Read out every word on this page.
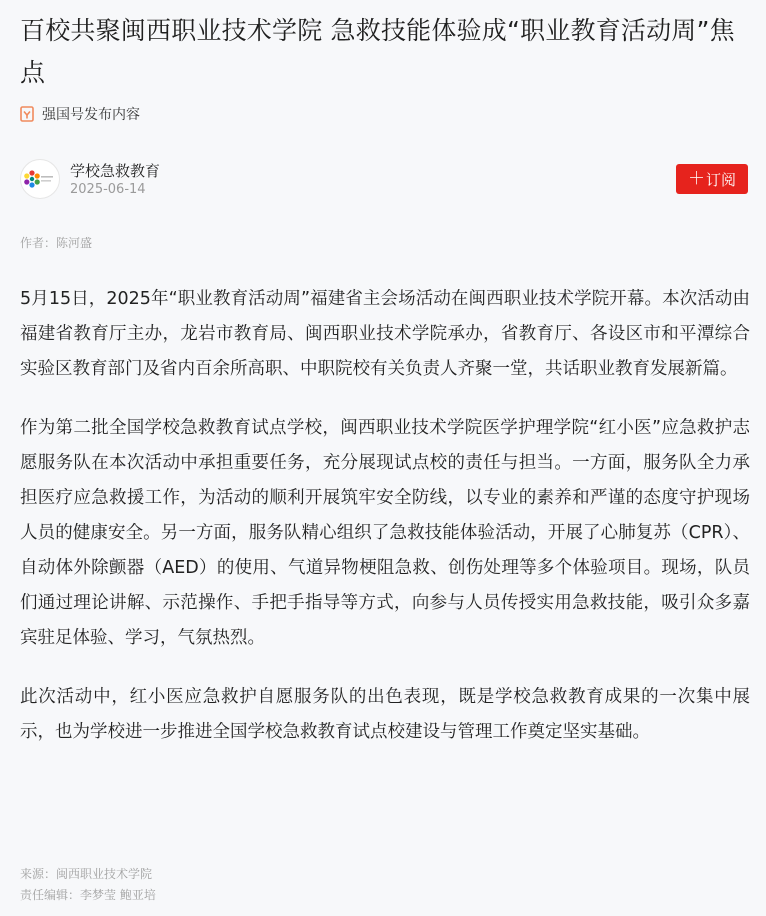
百校共聚闽西职业技术学院 急救技能体验成“职业教育活动周”焦点
强国号发布内容
学校急救教育
2025-06-14
＋ 订阅
作者：陈河盛

5月15日，2025年“职业教育活动周”福建省主会场活动在闽西职业技术学院开幕。本次活动由福建省教育厅主办，龙岩市教育局、闽西职业技术学院承办，省教育厅、各设区市和平潭综合实验区教育部门及省内百余所高职、中职院校有关负责人齐聚一堂，共话职业教育发展新篇。

作为第二批全国学校急救教育试点学校，闽西职业技术学院医学护理学院“红小医”应急救护志愿服务队在本次活动中承担重要任务，充分展现试点校的责任与担当。一方面，服务队全力承担医疗应急救援工作，为活动的顺利开展筑牢安全防线，以专业的素养和严谨的态度守护现场人员的健康安全。另一方面，服务队精心组织了急救技能体验活动，开展了心肺复苏（CPR）、自动体外除颤器（AED）的使用、气道异物梗阻急救、创伤处理等多个体验项目。现场，队员们通过理论讲解、示范操作、手把手指导等方式，向参与人员传授实用急救技能，吸引众多嘉宾驻足体验、学习，气氛热烈。

此次活动中，红小医应急救护自愿服务队的出色表现，既是学校急救教育成果的一次集中展示，也为学校进一步推进全国学校急救教育试点校建设与管理工作奠定坚实基础。

来源：闽西职业技术学院
责任编辑：李梦莹 鲍亚培
